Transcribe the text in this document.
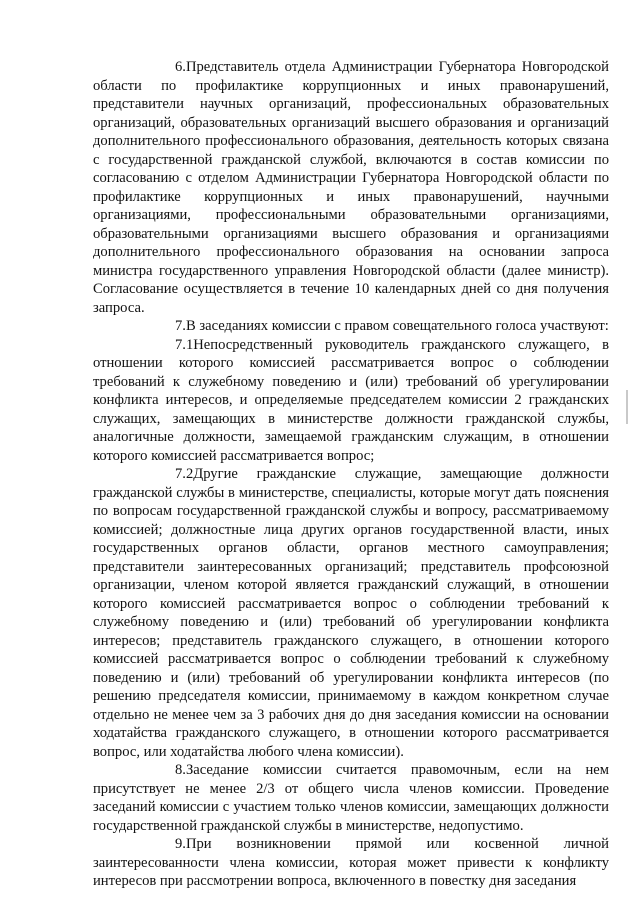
6.Представитель отдела Администрации Губернатора Новгородской области по профилактике коррупционных и иных правонарушений, представители научных организаций, профессиональных образовательных организаций, образовательных организаций высшего образования и организаций дополнительного профессионального образования, деятельность которых связана с государственной гражданской службой, включаются в состав комиссии по согласованию с отделом Администрации Губернатора Новгородской области по профилактике коррупционных и иных правонарушений, научными организациями, профессиональными образовательными организациями, образовательными организациями высшего образования и организациями дополнительного профессионального образования на основании запроса министра государственного управления Новгородской области (далее министр). Согласование осуществляется в течение 10 календарных дней со дня получения запроса.

7.В заседаниях комиссии с правом совещательного голоса участвуют:

7.1Непосредственный руководитель гражданского служащего, в отношении которого комиссией рассматривается вопрос о соблюдении требований к служебному поведению и (или) требований об урегулировании конфликта интересов, и определяемые председателем комиссии 2 гражданских служащих, замещающих в министерстве должности гражданской службы, аналогичные должности, замещаемой гражданским служащим, в отношении которого комиссией рассматривается вопрос;

7.2Другие гражданские служащие, замещающие должности гражданской службы в министерстве, специалисты, которые могут дать пояснения по вопросам государственной гражданской службы и вопросу, рассматриваемому комиссией; должностные лица других органов государственной власти, иных государственных органов области, органов местного самоуправления; представители заинтересованных организаций; представитель профсоюзной организации, членом которой является гражданский служащий, в отношении которого комиссией рассматривается вопрос о соблюдении требований к служебному поведению и (или) требований об урегулировании конфликта интересов; представитель гражданского служащего, в отношении которого комиссией рассматривается вопрос о соблюдении требований к служебному поведению и (или) требований об урегулировании конфликта интересов (по решению председателя комиссии, принимаемому в каждом конкретном случае отдельно не менее чем за 3 рабочих дня до дня заседания комиссии на основании ходатайства гражданского служащего, в отношении которого рассматривается вопрос, или ходатайства любого члена комиссии).

8.Заседание комиссии считается правомочным, если на нем присутствует не менее 2/3 от общего числа членов комиссии. Проведение заседаний комиссии с участием только членов комиссии, замещающих должности государственной гражданской службы в министерстве, недопустимо.

9.При возникновении прямой или косвенной личной заинтересованности члена комиссии, которая может привести к конфликту интересов при рассмотрении вопроса, включенного в повестку дня заседания
